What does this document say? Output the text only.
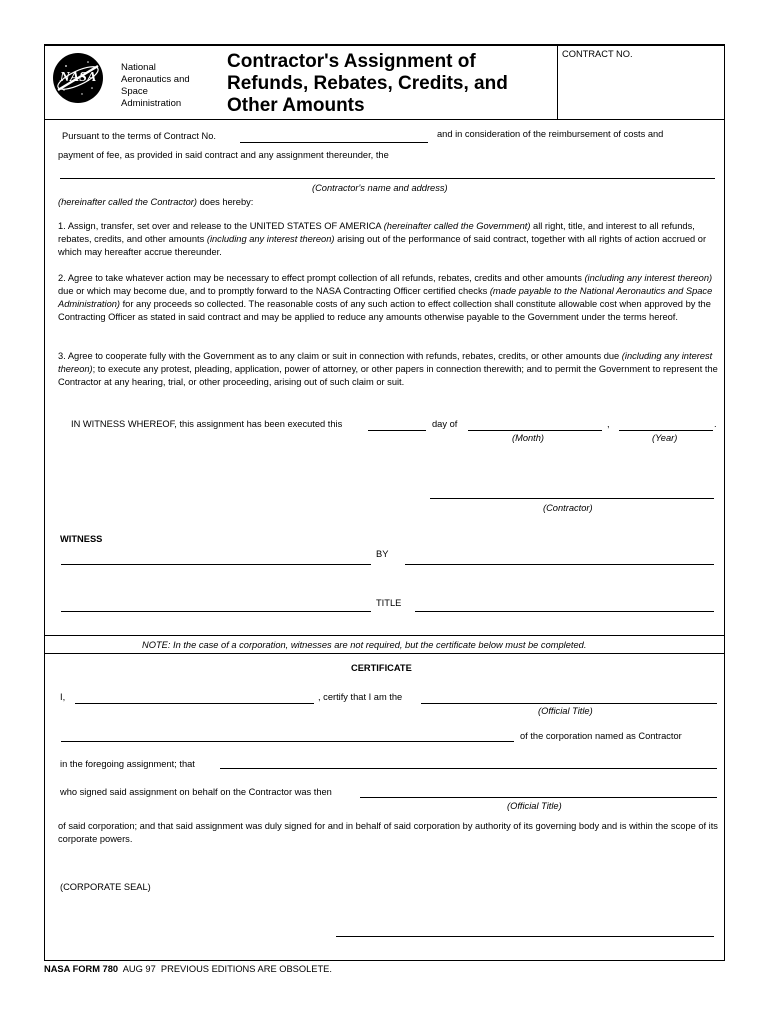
NASA
National
Aeronautics and
Space
Administration
Contractor's Assignment of
Refunds, Rebates, Credits, and
Other Amounts
CONTRACT NO.
Pursuant to the terms of Contract No.	and in consideration of the reimbursement of costs and
payment of fee, as provided in said contract and any assignment thereunder, the
(Contractor's name and address)
(hereinafter called the Contractor) does hereby:
1. Assign, transfer, set over and release to the UNITED STATES OF AMERICA (hereinafter called the Government) all right, title, and interest to all refunds, rebates, credits, and other amounts (including any interest thereon) arising out of the performance of said contract, together with all rights of action accrued or which may hereafter accrue thereunder.
2. Agree to take whatever action may be necessary to effect prompt collection of all refunds, rebates, credits and other amounts (including any interest thereon) due or which may become due, and to promptly forward to the NASA Contracting Officer certified checks (made payable to the National Aeronautics and Space Administration) for any proceeds so collected. The reasonable costs of any such action to effect collection shall constitute allowable cost when approved by the Contracting Officer as stated in said contract and may be applied to reduce any amounts otherwise payable to the Government under the terms hereof.
3. Agree to cooperate fully with the Government as to any claim or suit in connection with refunds, rebates, credits, or other amounts due (including any interest thereon); to execute any protest, pleading, application, power of attorney, or other papers in connection therewith; and to permit the Government to represent the Contractor at any hearing, trial, or other proceeding, arising out of such claim or suit.
IN WITNESS WHEREOF, this assignment has been executed this	day of	,	.
(Month)	(Year)
(Contractor)
WITNESS
BY
TITLE
NOTE: In the case of a corporation, witnesses are not required, but the certificate below must be completed.
CERTIFICATE
I,	, certify that I am the
(Official Title)
of the corporation named as Contractor
in the foregoing assignment; that
who signed said assignment on behalf on the Contractor was then
(Official Title)
of said corporation; and that said assignment was duly signed for and in behalf of said corporation by authority of its governing body and is within the scope of its corporate powers.
(CORPORATE SEAL)
NASA FORM 780  AUG 97  PREVIOUS EDITIONS ARE OBSOLETE.
